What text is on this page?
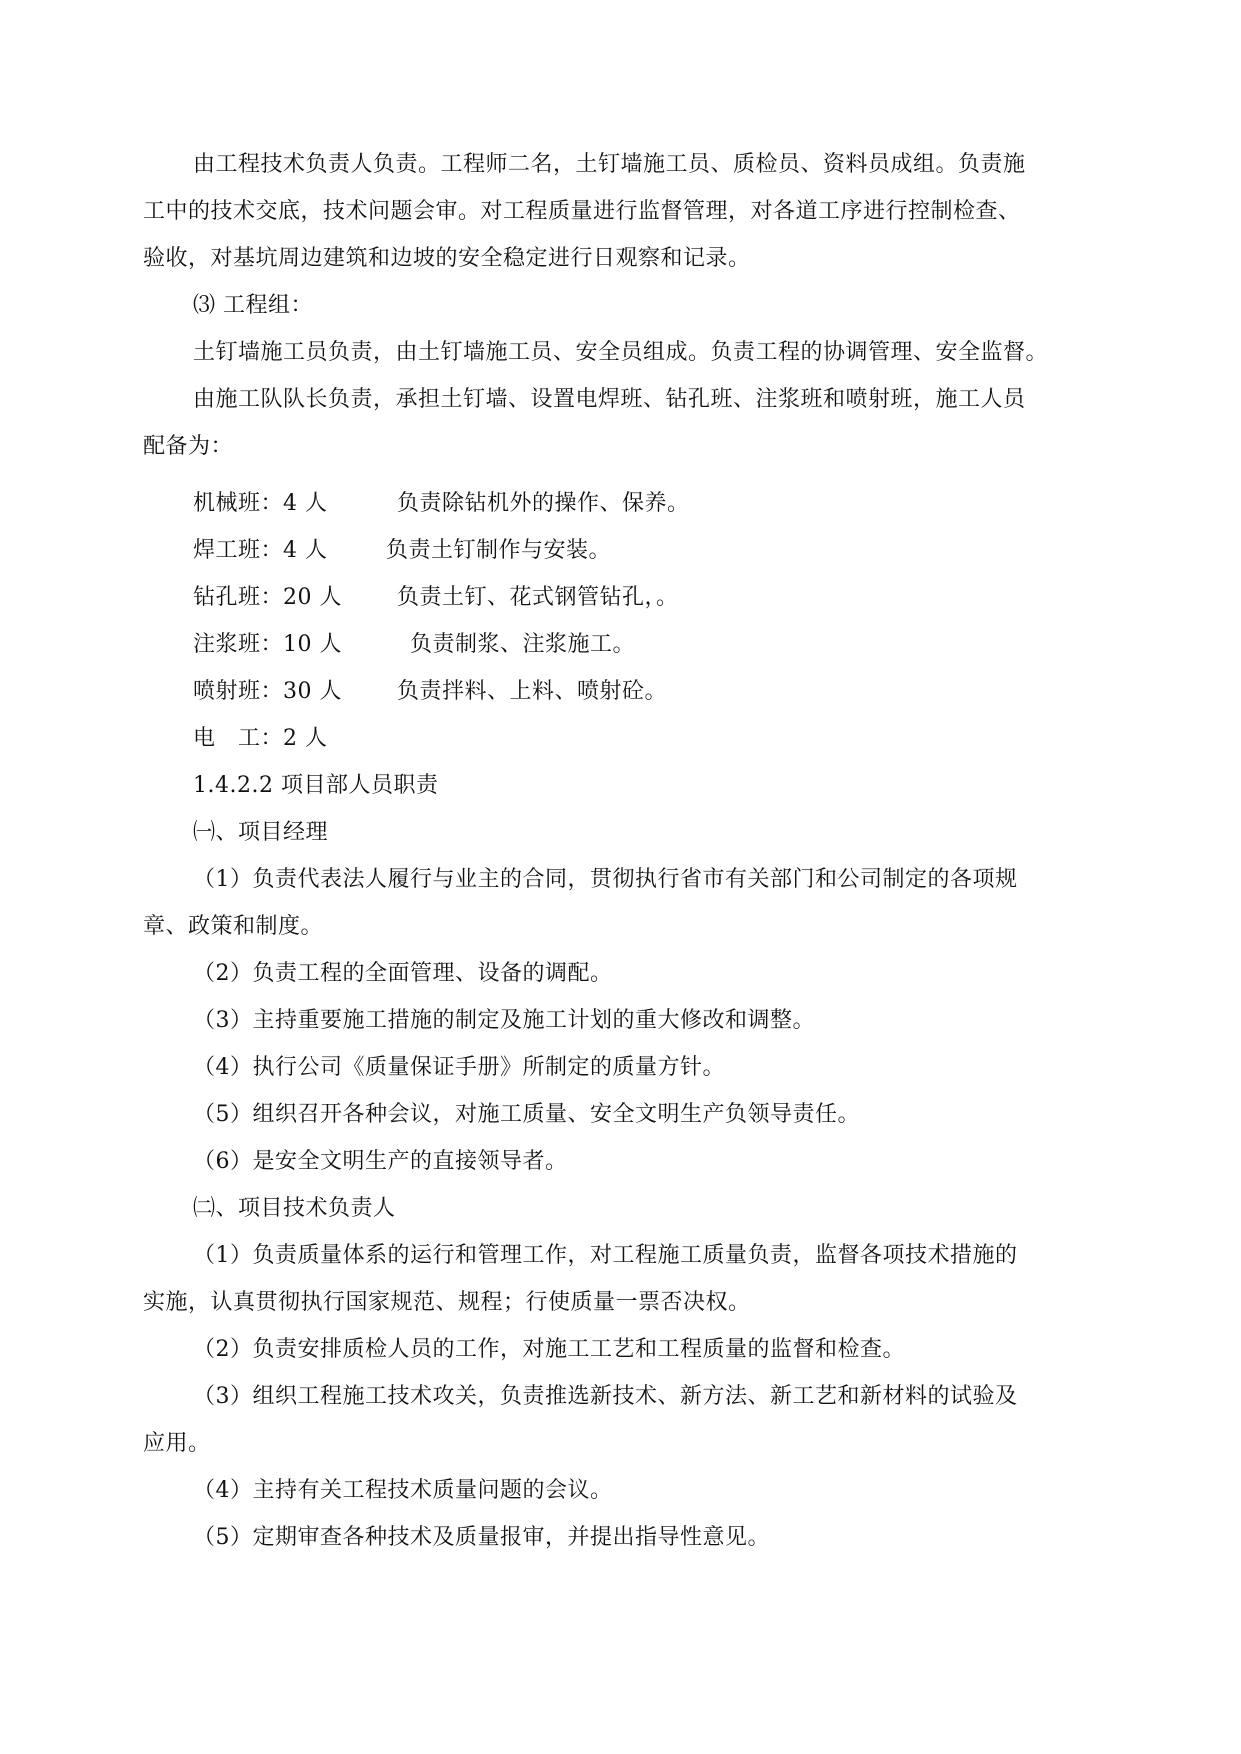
由工程技术负责人负责。工程师二名，土钉墙施工员、质检员、资料员成组。负责施
工中的技术交底，技术问题会审。对工程质量进行监督管理，对各道工序进行控制检查、
验收，对基坑周边建筑和边坡的安全稳定进行日观察和记录。
⑶ 工程组：
土钉墙施工员负责，由土钉墙施工员、安全员组成。负责工程的协调管理、安全监督。
由施工队队长负责，承担土钉墙、设置电焊班、钻孔班、注浆班和喷射班，施工人员
配备为：
机械班：4 人	负责除钻机外的操作、保养。
焊工班：4 人	负责土钉制作与安装。
钻孔班：20 人	负责土钉、花式钢管钻孔，。
注浆班：10 人	负责制浆、注浆施工。
喷射班：30 人	负责拌料、上料、喷射砼。
电　工：2 人
1.4.2.2 项目部人员职责
㈠、项目经理
（1）负责代表法人履行与业主的合同，贯彻执行省市有关部门和公司制定的各项规
章、政策和制度。
（2）负责工程的全面管理、设备的调配。
（3）主持重要施工措施的制定及施工计划的重大修改和调整。
（4）执行公司《质量保证手册》所制定的质量方针。
（5）组织召开各种会议，对施工质量、安全文明生产负领导责任。
（6）是安全文明生产的直接领导者。
㈡、项目技术负责人
（1）负责质量体系的运行和管理工作，对工程施工质量负责，监督各项技术措施的
实施，认真贯彻执行国家规范、规程；行使质量一票否决权。
（2）负责安排质检人员的工作，对施工工艺和工程质量的监督和检查。
（3）组织工程施工技术攻关，负责推选新技术、新方法、新工艺和新材料的试验及
应用。
（4）主持有关工程技术质量问题的会议。
（5）定期审查各种技术及质量报审，并提出指导性意见。
